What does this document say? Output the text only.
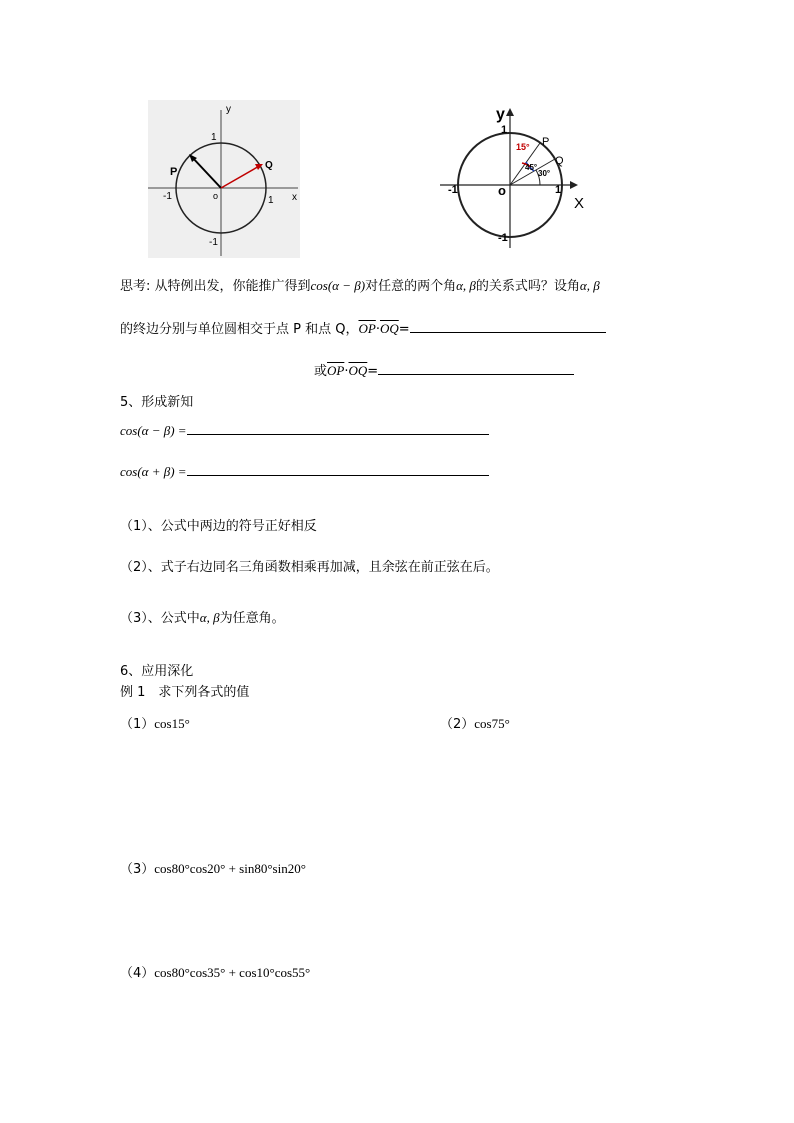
y
x
1
-1	1
-1
o
P
Q
y
X
1
-1	1
-1
o
P
Q
15°
45°
30°
思考: 从特例出发，你能推广得到cos(α − β)对任意的两个角α, β的关系式吗？设角α, β
的终边分别与单位圆相交于点 P 和点 Q，$\overline{OP}\cdot\overline{OQ}=$
或$\overline{OP}\cdot\overline{OQ}=$
5、形成新知
cos(α − β) =
cos(α + β) =
（1）、公式中两边的符号正好相反
（2）、式子右边同名三角函数相乘再加减，且余弦在前正弦在后。
（3）、公式中α, β为任意角。
6、应用深化
例 1　求下列各式的值
（1）cos15°	（2）cos75°
（3）cos80°cos20° + sin80°sin20°
（4）cos80°cos35° + cos10°cos55°
